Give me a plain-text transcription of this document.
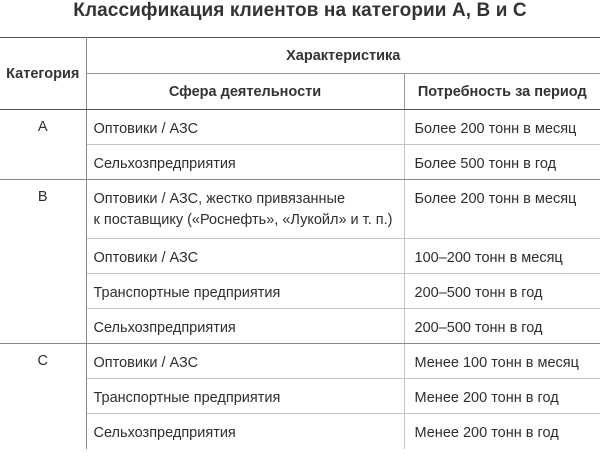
Классификация клиентов на категории А, В и С
Категория	Характеристика	
	Сфера деятельности	Потребность за период
А	Оптовики / АЗС	Более 200 тонн в месяц
	Сельхозпредприятия	Более 500 тонн в год
В	Оптовики / АЗС, жестко привязанные
к поставщику («Роснефть», «Лукойл» и т. п.)	Более 200 тонн в месяц
	Оптовики / АЗС	100–200 тонн в месяц
	Транспортные предприятия	200–500 тонн в год
	Сельхозпредприятия	200–500 тонн в год
С	Оптовики / АЗС	Менее 100 тонн в месяц
	Транспортные предприятия	Менее 200 тонн в год
	Сельхозпредприятия	Менее 200 тонн в год
